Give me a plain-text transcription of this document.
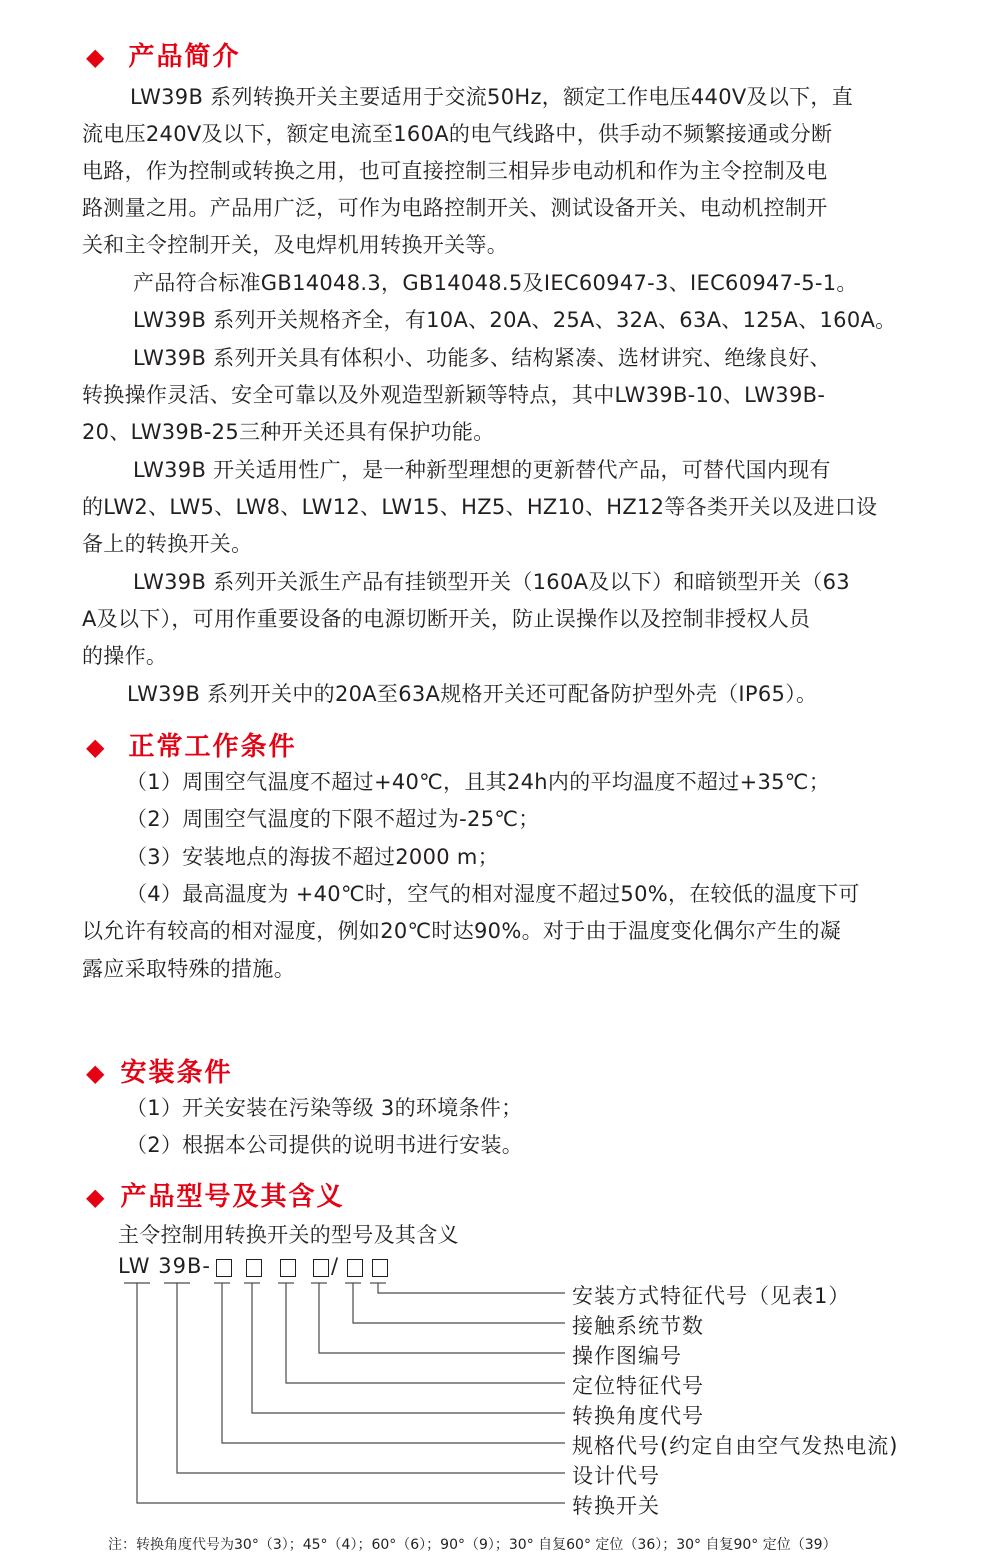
◆ 产品简介
LW39B 系列转换开关主要适用于交流50Hz，额定工作电压440V及以下，直
流电压240V及以下，额定电流至160A的电气线路中，供手动不频繁接通或分断
电路，作为控制或转换之用，也可直接控制三相异步电动机和作为主令控制及电
路测量之用。产品用广泛，可作为电路控制开关、测试设备开关、电动机控制开
关和主令控制开关，及电焊机用转换开关等。
产品符合标准GB14048.3，GB14048.5及IEC60947-3、IEC60947-5-1。
LW39B 系列开关规格齐全，有10A、20A、25A、32A、63A、125A、160A。
LW39B 系列开关具有体积小、功能多、结构紧凑、选材讲究、绝缘良好、
转换操作灵活、安全可靠以及外观造型新颖等特点，其中LW39B-10、LW39B-
20、LW39B-25三种开关还具有保护功能。
LW39B 开关适用性广，是一种新型理想的更新替代产品，可替代国内现有
的LW2、LW5、LW8、LW12、LW15、HZ5、HZ10、HZ12等各类开关以及进口设
备上的转换开关。
LW39B 系列开关派生产品有挂锁型开关（160A及以下）和暗锁型开关（63
A及以下），可用作重要设备的电源切断开关，防止误操作以及控制非授权人员
的操作。
LW39B 系列开关中的20A至63A规格开关还可配备防护型外壳（IP65）。
◆ 正常工作条件
（1）周围空气温度不超过+40℃，且其24h内的平均温度不超过+35℃；
（2）周围空气温度的下限不超过为-25℃；
（3）安装地点的海拔不超过2000 m；
（4）最高温度为 +40℃时，空气的相对湿度不超过50%，在较低的温度下可
以允许有较高的相对湿度，例如20℃时达90%。对于由于温度变化偶尔产生的凝
露应采取特殊的措施。
◆ 安装条件
（1）开关安装在污染等级 3的环境条件；
（2）根据本公司提供的说明书进行安装。
◆ 产品型号及其含义
主令控制用转换开关的型号及其含义
LW 39B-	/
安装方式特征代号（见表1）
接触系统节数
操作图编号
定位特征代号
转换角度代号
规格代号(约定自由空气发热电流)
设计代号
转换开关
注：转换角度代号为30°（3）；45°（4）；60°（6）；90°（9）；30° 自复60° 定位（36）；30° 自复90° 定位（39）
